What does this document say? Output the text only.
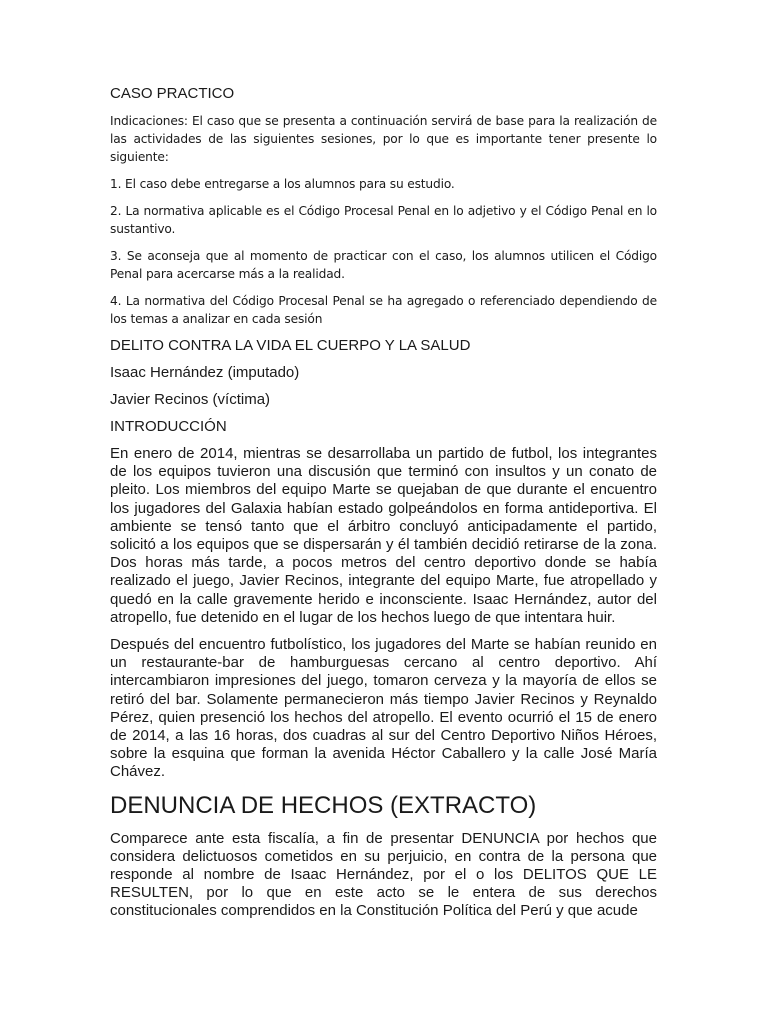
CASO PRACTICO

Indicaciones: El caso que se presenta a continuación servirá de base para la realización de las actividades de las siguientes sesiones, por lo que es importante tener presente lo siguiente:

1. El caso debe entregarse a los alumnos para su estudio.

2. La normativa aplicable es el Código Procesal Penal en lo adjetivo y el Código Penal en lo sustantivo.

3. Se aconseja que al momento de practicar con el caso, los alumnos utilicen el Código Penal para acercarse más a la realidad.

4. La normativa del Código Procesal Penal se ha agregado o referenciado dependiendo de los temas a analizar en cada sesión

DELITO CONTRA LA VIDA EL CUERPO Y LA SALUD

Isaac Hernández (imputado)

Javier Recinos (víctima)

INTRODUCCIÓN

En enero de 2014, mientras se desarrollaba un partido de futbol, los integrantes de los equipos tuvieron una discusión que terminó con insultos y un conato de pleito. Los miembros del equipo Marte se quejaban de que durante el encuentro los jugadores del Galaxia habían estado golpeándolos en forma antideportiva. El ambiente se tensó tanto que el árbitro concluyó anticipadamente el partido, solicitó a los equipos que se dispersarán y él también decidió retirarse de la zona. Dos horas más tarde, a pocos metros del centro deportivo donde se había realizado el juego, Javier Recinos, integrante del equipo Marte, fue atropellado y quedó en la calle gravemente herido e inconsciente. Isaac Hernández, autor del atropello, fue detenido en el lugar de los hechos luego de que intentara huir.

Después del encuentro futbolístico, los jugadores del Marte se habían reunido en un restaurante-bar de hamburguesas cercano al centro deportivo. Ahí intercambiaron impresiones del juego, tomaron cerveza y la mayoría de ellos se retiró del bar. Solamente permanecieron más tiempo Javier Recinos y Reynaldo Pérez, quien presenció los hechos del atropello. El evento ocurrió el 15 de enero de 2014, a las 16 horas, dos cuadras al sur del Centro Deportivo Niños Héroes, sobre la esquina que forman la avenida Héctor Caballero y la calle José María Chávez.

DENUNCIA DE HECHOS (EXTRACTO)

Comparece ante esta fiscalía, a fin de presentar DENUNCIA por hechos que considera delictuosos cometidos en su perjuicio, en contra de la persona que responde al nombre de Isaac Hernández, por el o los DELITOS QUE LE RESULTEN, por lo que en este acto se le entera de sus derechos constitucionales comprendidos en la Constitución Política del Perú y que acude
